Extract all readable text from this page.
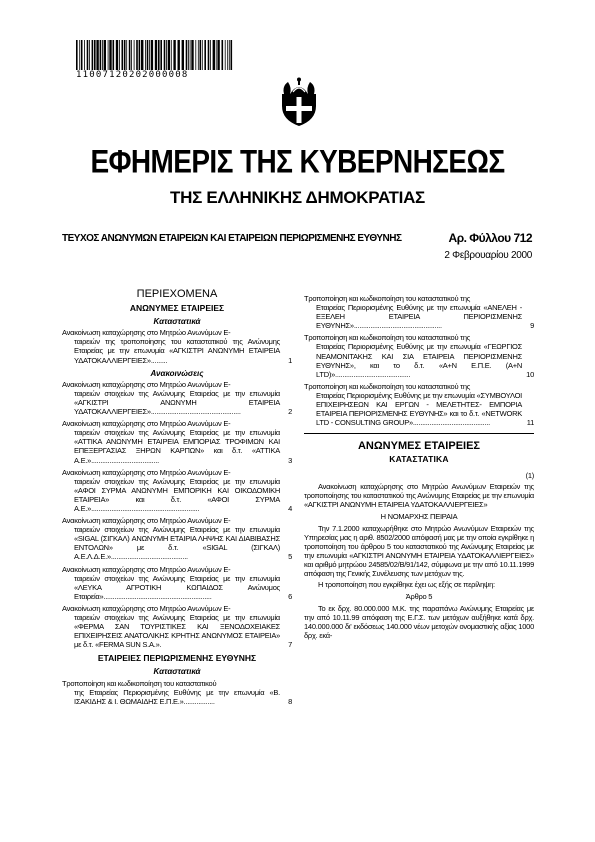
11007120202000008
ΕΦΗΜΕΡΙΣ ΤΗΣ ΚΥΒΕΡΝΗΣΕΩΣ
ΤΗΣ ΕΛΛΗΝΙΚΗΣ ΔΗΜΟΚΡΑΤΙΑΣ
ΤΕΥΧΟΣ ΑΝΩΝΥΜΩΝ ΕΤΑΙΡΕΙΩΝ ΚΑΙ ΕΤΑΙΡΕΙΩΝ ΠΕΡΙΩΡΙΣΜΕΝΗΣ ΕΥΘΥΝΗΣ	Αρ. Φύλλου 712
2 Φεβρουαρίου 2000
ΠΕΡΙΕΧΟΜΕΝΑ
ΑΝΩΝΥΜΕΣ ΕΤΑΙΡΕΙΕΣ
Καταστατικά
Ανακοίνωση καταχώρησης στο Μητρώο Ανωνύμων Ε-
ταιρειών της τροποποίησης του καταστατικού της Ανώνυμης Εταιρείας με την επωνυμία «ΑΓΚΙΣΤΡΙ ΑΝΩΝΥΜΗ ΕΤΑΙΡΕΙΑ ΥΔΑΤΟΚΑΛΛΙΕΡΓΕΙΕΣ».........	1
Ανακοινώσεις
Ανακοίνωση καταχώρησης στο Μητρώο Ανωνύμων Ε-
ταιρειών στοιχείων της Ανώνυμης Εταιρείας με την επωνυμία «ΑΓΚΙΣΤΡΙ ΑΝΩΝΥΜΗ ΕΤΑΙΡΕΙΑ ΥΔΑΤΟΚΑΛΛΙΕΡΓΕΙΕΣ».................................................	2
Ανακοίνωση καταχώρησης στο Μητρώο Ανωνύμων Ε-
ταιρειών στοιχείων της Ανώνυμης Εταιρείας με την επωνυμία «ΑΤΤΙΚΑ ΑΝΩΝΥΜΗ ΕΤΑΙΡΕΙΑ ΕΜΠΟΡΙΑΣ ΤΡΟΦΙΜΩΝ ΚΑΙ ΕΠΕΞΕΡΓΑΣΙΑΣ ΞΗΡΩΝ ΚΑΡΠΩΝ» και δ.τ. «ΑΤΤΙΚΑ Α.Ε.».....................................	3
Ανακοίνωση καταχώρησης στο Μητρώο Ανωνύμων Ε-
ταιρειών στοιχείων της Ανώνυμης Εταιρείας με την επωνυμία «ΑΦΟΙ ΣΥΡΜΑ ΑΝΩΝΥΜΗ ΕΜΠΟΡΙΚΗ ΚΑΙ ΟΙΚΟΔΟΜΙΚΗ ΕΤΑΙΡΕΙΑ» και δ.τ. «ΑΦΟΙ ΣΥΡΜΑ Α.Ε.»...........................................................	4
Ανακοίνωση καταχώρησης στο Μητρώο Ανωνύμων Ε-
ταιρειών στοιχείων της Ανώνυμης Εταιρείας με την επωνυμία «SIGAL (ΣΙΓΚΑΛ) ΑΝΩΝΥΜΗ ΕΤΑΙΡΙΑ ΛΗΨΗΣ ΚΑΙ ΔΙΑΒΙΒΑΣΗΣ ΕΝΤΟΛΩΝ» με δ.τ. «SIGAL (ΣΙΓΚΑΛ) Α.Ε.Λ.Δ.Ε.»..........................................	5
Ανακοίνωση καταχώρησης στο Μητρώο Ανωνύμων Ε-
ταιρειών στοιχείων της Ανώνυμης Εταιρείας με την επωνυμία «ΛΕΥΚΑ ΑΓΡΟΤΙΚΗ ΚΩΠΑΙΔΟΣ Ανώνυμος Εταιρεία»...........................................................	6
Ανακοίνωση καταχώρησης στο Μητρώο Ανωνύμων Ε-
ταιρειών στοιχείων της Ανώνυμης Εταιρείας με την επωνυμία «ΦΕΡΜΑ ΣΑΝ ΤΟΥΡΙΣΤΙΚΕΣ ΚΑΙ ΞΕΝΟΔΟΧΕΙΑΚΕΣ ΕΠΙΧΕΙΡΗΣΕΙΣ ΑΝΑΤΟΛΙΚΗΣ ΚΡΗΤΗΣ ΑΝΩΝΥΜΟΣ ΕΤΑΙΡΕΙΑ» με δ.τ. «FERMA SUN S.A.».	7
ΕΤΑΙΡΕΙΕΣ ΠΕΡΙΩΡΙΣΜΕΝΗΣ ΕΥΘΥΝΗΣ
Καταστατικά
Τροποποίηση και κωδικοποίηση του καταστατικού
της Εταιρείας Περιορισμένης Ευθύνης με την επωνυμία «Β. ΙΣΑΚΙΔΗΣ & Ι. ΘΩΜΑΙΔΗΣ Ε.Π.Ε.».................	8
Τροποποίηση και κωδικοποίηση του καταστατικού της
Εταιρείας Περιορισμένης Ευθύνης με την επωνυμία «ΑΝΕΛΕΗ - ΕΞΕΛΕΗ ΕΤΑΙΡΕΙΑ ΠΕΡΙΟΡΙΣΜΕΝΗΣ ΕΥΘΥΝΗΣ»................................................	9
Τροποποίηση και κωδικοποίηση του καταστατικού της
Εταιρείας Περιορισμένης Ευθύνης με την επωνυμία «ΓΕΩΡΓΙΟΣ ΝΕΑΜΟΝΙΤΑΚΗΣ ΚΑΙ ΣΙΑ ΕΤΑΙΡΕΙΑ ΠΕΡΙΟΡΙΣΜΕΝΗΣ ΕΥΘΥΝΗΣ», και το δ.τ. «Α+Ν Ε.Π.Ε. (A+N LTD)».........................................	10
Τροποποίηση και κωδικοποίηση του καταστατικού της
Εταιρείας Περιορισμένης Ευθύνης με την επωνυμία «ΣΥΜΒΟΥΛΟΙ ΕΠΙΧΕΙΡΗΣΕΩΝ ΚΑΙ ΕΡΓΩΝ - ΜΕΛΕΤΗΤΕΣ- ΕΜΠΟΡΙΑ ΕΤΑΙΡΕΙΑ ΠΕΡΙΟΡΙΣΜΕΝΗΣ ΕΥΘΥΝΗΣ» και το δ.τ. «NETWORK LTD - CONSULTING GROUP»..........................................	11
ΑΝΩΝΥΜΕΣ ΕΤΑΙΡΕΙΕΣ
ΚΑΤΑΣΤΑΤΙΚΑ
(1)
Ανακοίνωση καταχώρησης στο Μητρώο Ανωνύμων Εταιρειών της τροποποίησης του καταστατικού της Ανώνυμης Εταιρείας με την επωνυμία «ΑΓΚΙΣΤΡΙ ΑΝΩΝΥΜΗ ΕΤΑΙΡΕΙΑ ΥΔΑΤΟΚΑΛΛΙΕΡΓΕΙΕΣ»
Η ΝΟΜΑΡΧΗΣ ΠΕΙΡΑΙΑ
Την 7.1.2000 καταχωρήθηκε στο Μητρώο Ανωνύμων Εταιρειών της Υπηρεσίας μας η αριθ. 8502/2000 απόφασή μας με την οποία εγκρίθηκε η τροποποίηση του άρθρου 5 του καταστατικού της Ανώνυμης Εταιρείας με την επωνυμία «ΑΓΚΙΣΤΡΙ ΑΝΩΝΥΜΗ ΕΤΑΙΡΕΙΑ ΥΔΑΤΟΚΑΛΛΙΕΡΓΕΙΕΣ» και αριθμό μητρώου 24585/02/Β/91/142, σύμφωνα με την από 10.11.1999 απόφαση της Γενικής Συνέλευσης των μετόχων της.
Η τροποποίηση που εγκρίθηκε έχει ως εξής σε περίληψη:
Άρθρο 5
Το εκ δρχ. 80.000.000 Μ.Κ. της παραπάνω Ανώνυμης Εταιρείας με την από 10.11.99 απόφαση της Ε.Γ.Σ. των μετόχων αυξήθηκε κατά δρχ. 140.000.000 δι' εκδόσεως 140.000 νέων μετοχών ονομαστικής αξίας 1000 δρχ. εκά-
